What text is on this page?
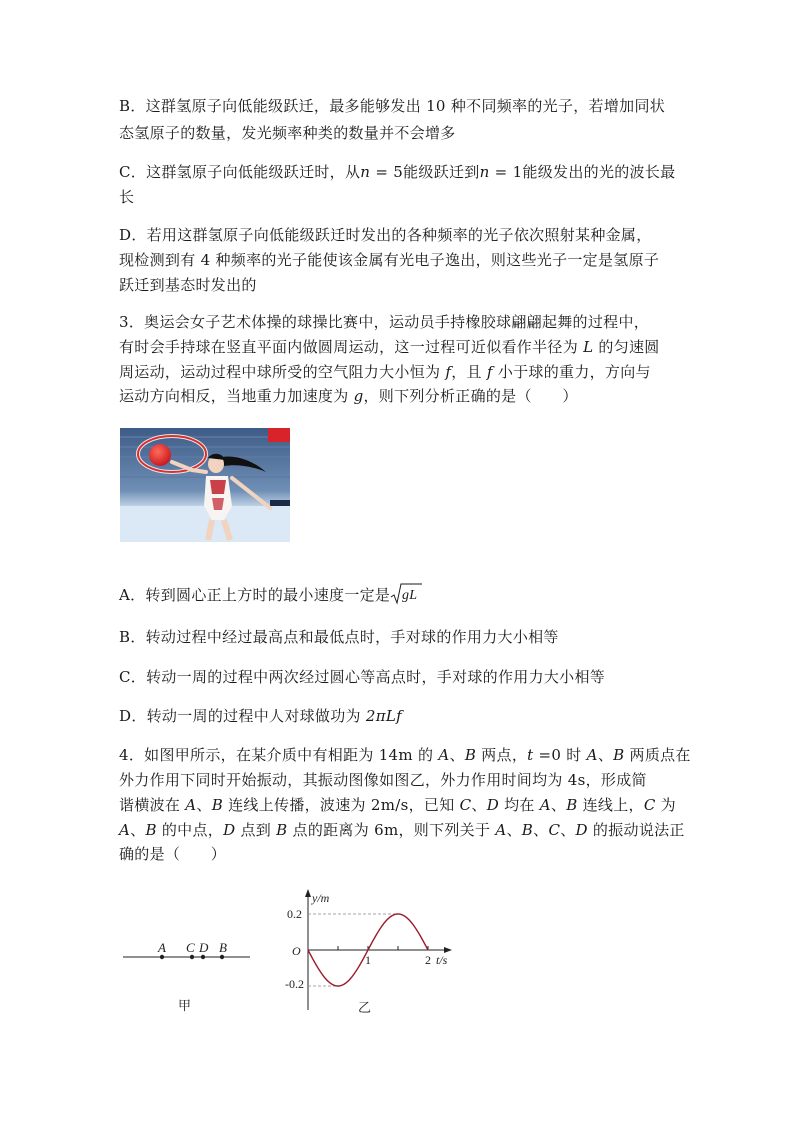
B．这群氢原子向低能级跃迁，最多能够发出 10 种不同频率的光子，若增加同状
态氢原子的数量，发光频率种类的数量并不会增多
C．这群氢原子向低能级跃迁时，从n = 5能级跃迁到n = 1能级发出的光的波长最
长
D．若用这群氢原子向低能级跃迁时发出的各种频率的光子依次照射某种金属，
现检测到有 4 种频率的光子能使该金属有光电子逸出，则这些光子一定是氢原子
跃迁到基态时发出的
3．奥运会女子艺术体操的球操比赛中，运动员手持橡胶球翩翩起舞的过程中，
有时会手持球在竖直平面内做圆周运动，这一过程可近似看作半径为 L 的匀速圆
周运动，运动过程中球所受的空气阻力大小恒为 f，且 f 小于球的重力，方向与
运动方向相反，当地重力加速度为 g，则下列分析正确的是（　　）
A．转到圆心正上方时的最小速度一定是 gL
B．转动过程中经过最高点和最低点时，手对球的作用力大小相等
C．转动一周的过程中两次经过圆心等高点时，手对球的作用力大小相等
D．转动一周的过程中人对球做功为 2πLf
4．如图甲所示，在某介质中有相距为 14m 的 A、B 两点，t =0 时 A、B 两质点在
外力作用下同时开始振动，其振动图像如图乙，外力作用时间均为 4s，形成简
谐横波在 A、B 连线上传播，波速为 2m/s，已知 C、D 均在 A、B 连线上，C 为
A、B 的中点，D 点到 B 点的距离为 6m，则下列关于 A、B、C、D 的振动说法正
确的是（　　）
A C D B
甲
y/m
0.2
-0.2
O
1	2 t/s
乙
